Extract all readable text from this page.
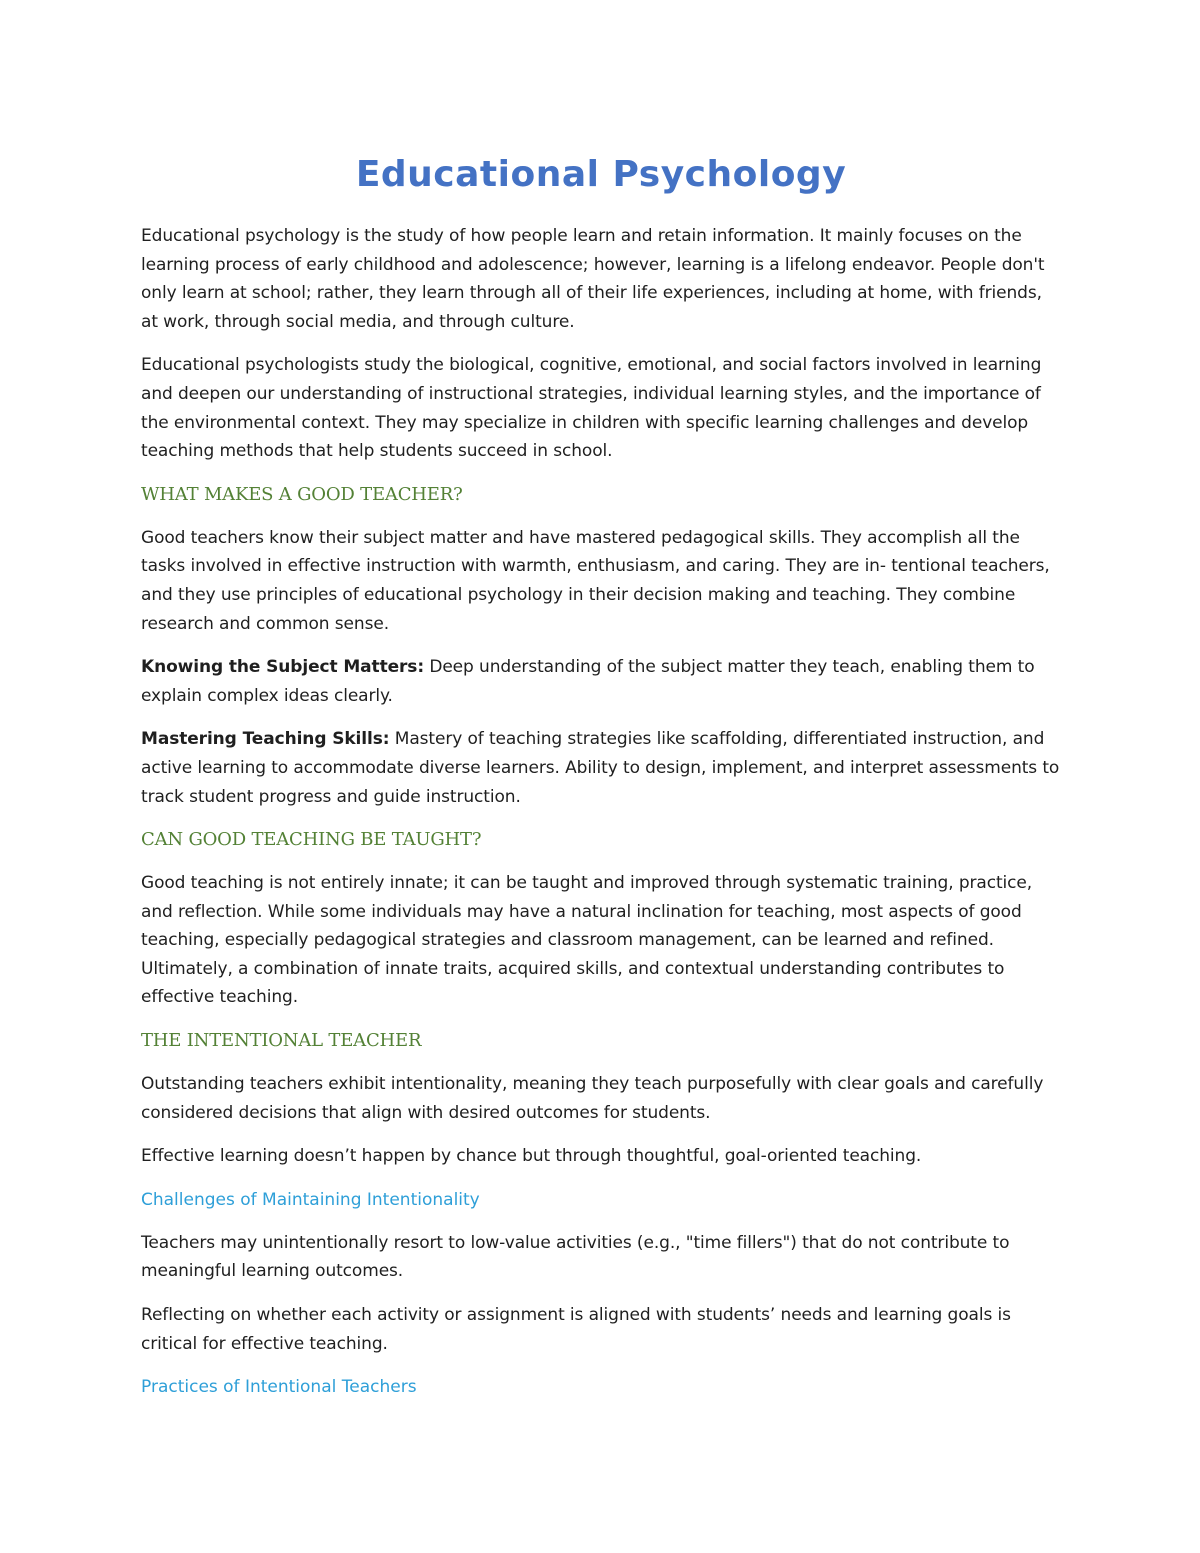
Educational Psychology

Educational psychology is the study of how people learn and retain information. It mainly focuses on the learning process of early childhood and adolescence; however, learning is a lifelong endeavor. People don't only learn at school; rather, they learn through all of their life experiences, including at home, with friends, at work, through social media, and through culture.

Educational psychologists study the biological, cognitive, emotional, and social factors involved in learning and deepen our understanding of instructional strategies, individual learning styles, and the importance of the environmental context. They may specialize in children with specific learning challenges and develop teaching methods that help students succeed in school.

WHAT MAKES A GOOD TEACHER?

Good teachers know their subject matter and have mastered pedagogical skills. They accomplish all the tasks involved in effective instruction with warmth, enthusiasm, and caring. They are in- tentional teachers, and they use principles of educational psychology in their decision making and teaching. They combine research and common sense.

Knowing the Subject Matters: Deep understanding of the subject matter they teach, enabling them to explain complex ideas clearly.

Mastering Teaching Skills: Mastery of teaching strategies like scaffolding, differentiated instruction, and active learning to accommodate diverse learners. Ability to design, implement, and interpret assessments to track student progress and guide instruction.

CAN GOOD TEACHING BE TAUGHT?

Good teaching is not entirely innate; it can be taught and improved through systematic training, practice, and reflection. While some individuals may have a natural inclination for teaching, most aspects of good teaching, especially pedagogical strategies and classroom management, can be learned and refined. Ultimately, a combination of innate traits, acquired skills, and contextual understanding contributes to effective teaching.

THE INTENTIONAL TEACHER

Outstanding teachers exhibit intentionality, meaning they teach purposefully with clear goals and carefully considered decisions that align with desired outcomes for students.

Effective learning doesn’t happen by chance but through thoughtful, goal-oriented teaching.

Challenges of Maintaining Intentionality

Teachers may unintentionally resort to low-value activities (e.g., "time fillers") that do not contribute to meaningful learning outcomes.

Reflecting on whether each activity or assignment is aligned with students’ needs and learning goals is critical for effective teaching.

Practices of Intentional Teachers
